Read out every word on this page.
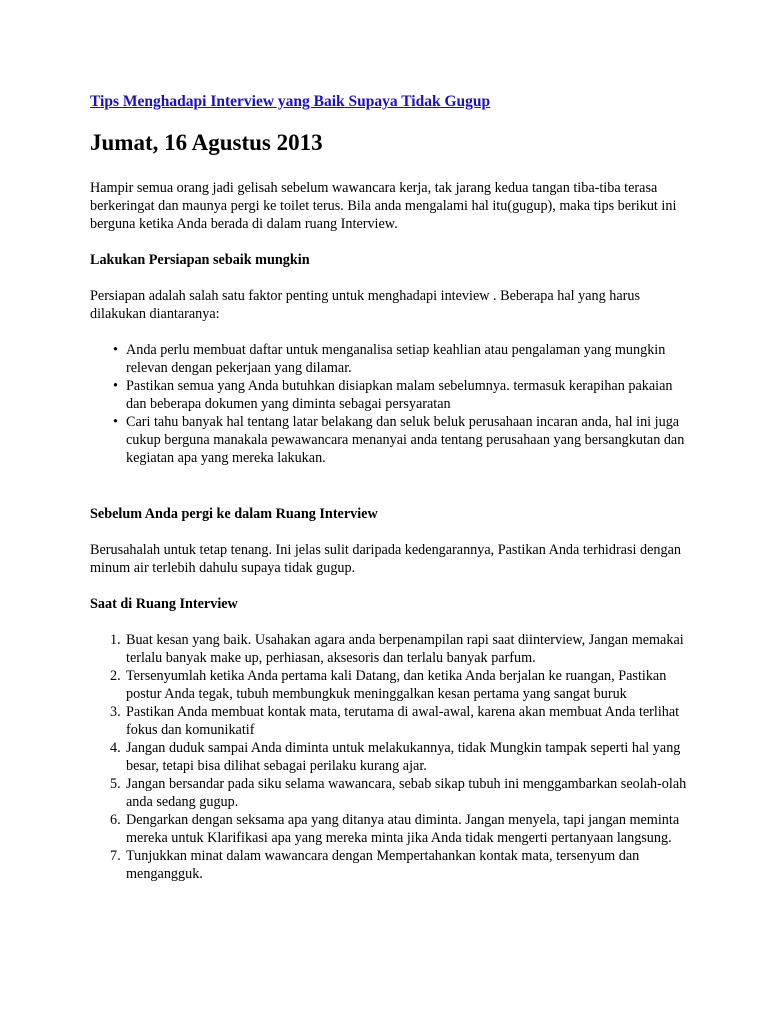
Tips Menghadapi Interview yang Baik Supaya Tidak Gugup
Jumat, 16 Agustus 2013

Hampir semua orang jadi gelisah sebelum wawancara kerja, tak jarang kedua tangan tiba-tiba terasa berkeringat dan maunya pergi ke toilet terus. Bila anda mengalami hal itu(gugup), maka tips berikut ini berguna ketika Anda berada di dalam ruang Interview.

Lakukan Persiapan sebaik mungkin

Persiapan adalah salah satu faktor penting untuk menghadapi inteview . Beberapa hal yang harus dilakukan diantaranya:

• Anda perlu membuat daftar untuk menganalisa setiap keahlian atau pengalaman yang mungkin relevan dengan pekerjaan yang dilamar.
• Pastikan semua yang Anda butuhkan disiapkan malam sebelumnya. termasuk kerapihan pakaian dan beberapa dokumen yang diminta sebagai persyaratan
• Cari tahu banyak hal tentang latar belakang dan seluk beluk perusahaan incaran anda, hal ini juga cukup berguna manakala pewawancara menanyai anda tentang perusahaan yang bersangkutan dan kegiatan apa yang mereka lakukan.
Sebelum Anda pergi ke dalam Ruang Interview

Berusahalah untuk tetap tenang. Ini jelas sulit daripada kedengarannya, Pastikan Anda terhidrasi dengan minum air terlebih dahulu supaya tidak gugup.

Saat di Ruang Interview
1. Buat kesan yang baik. Usahakan agara anda berpenampilan rapi saat diinterview, Jangan memakai terlalu banyak make up, perhiasan, aksesoris dan terlalu banyak parfum.
2. Tersenyumlah ketika Anda pertama kali Datang, dan ketika Anda berjalan ke ruangan, Pastikan postur Anda tegak, tubuh membungkuk meninggalkan kesan pertama yang sangat buruk
3. Pastikan Anda membuat kontak mata, terutama di awal-awal, karena akan membuat Anda terlihat fokus dan komunikatif
4. Jangan duduk sampai Anda diminta untuk melakukannya, tidak Mungkin tampak seperti hal yang besar, tetapi bisa dilihat sebagai perilaku kurang ajar.
5. Jangan bersandar pada siku selama wawancara, sebab sikap tubuh ini menggambarkan seolah-olah anda sedang gugup.
6. Dengarkan dengan seksama apa yang ditanya atau diminta. Jangan menyela, tapi jangan meminta mereka untuk Klarifikasi apa yang mereka minta jika Anda tidak mengerti pertanyaan langsung.
7. Tunjukkan minat dalam wawancara dengan Mempertahankan kontak mata, tersenyum dan mengangguk.
